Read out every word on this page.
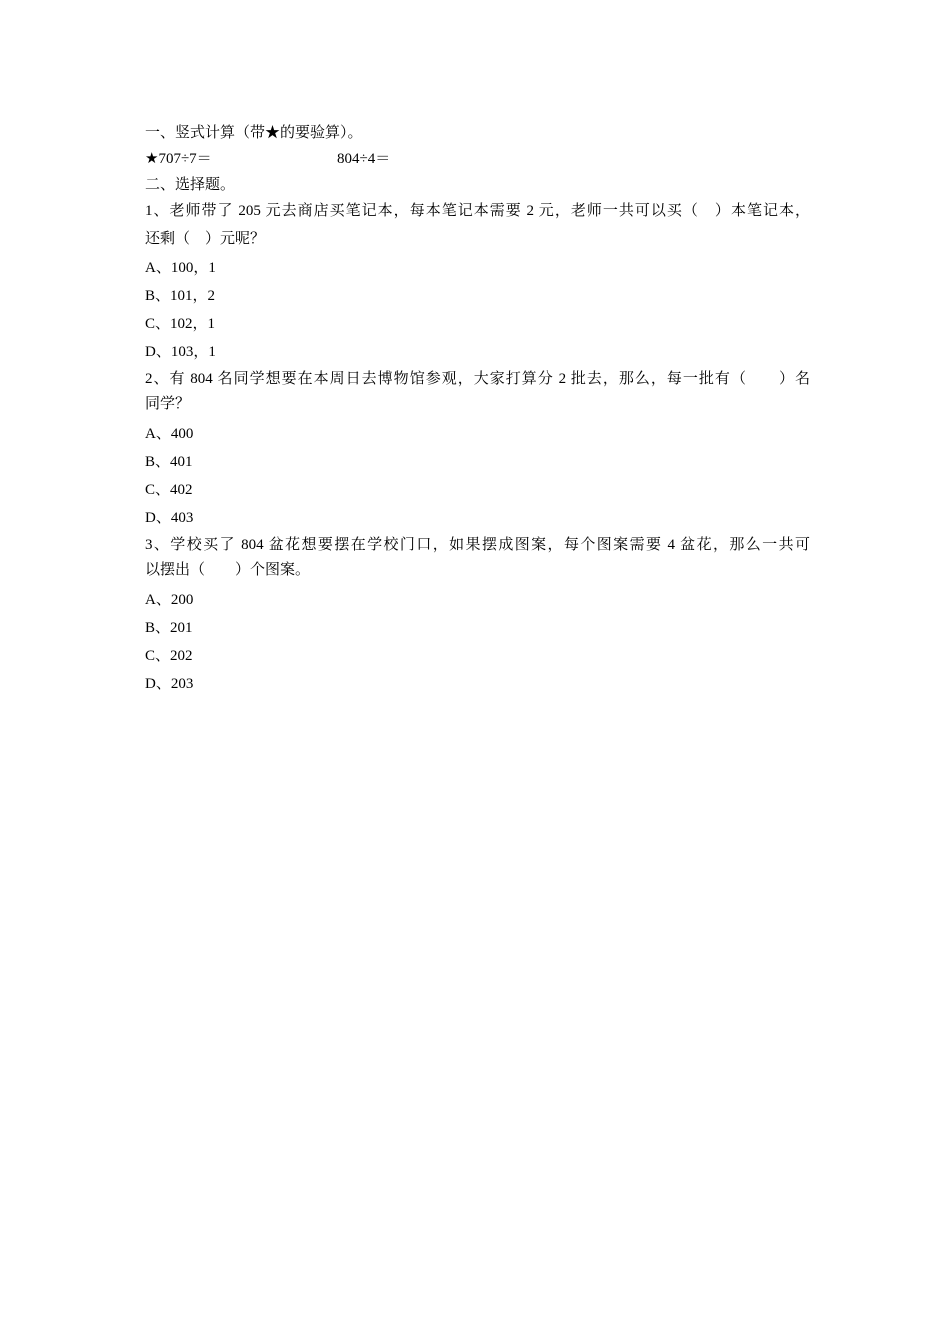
一、竖式计算（带★的要验算）。
★707÷7＝	804÷4＝
二、选择题。
1、老师带了 205 元去商店买笔记本，每本笔记本需要 2 元，老师一共可以买（　）本笔记本，
还剩（　）元呢？
A、100，1
B、101，2
C、102，1
D、103，1
2、有 804 名同学想要在本周日去博物馆参观，大家打算分 2 批去，那么，每一批有（　　）名
同学？
A、400
B、401
C、402
D、403
3、学校买了 804 盆花想要摆在学校门口，如果摆成图案，每个图案需要 4 盆花，那么一共可
以摆出（　　）个图案。
A、200
B、201
C、202
D、203
